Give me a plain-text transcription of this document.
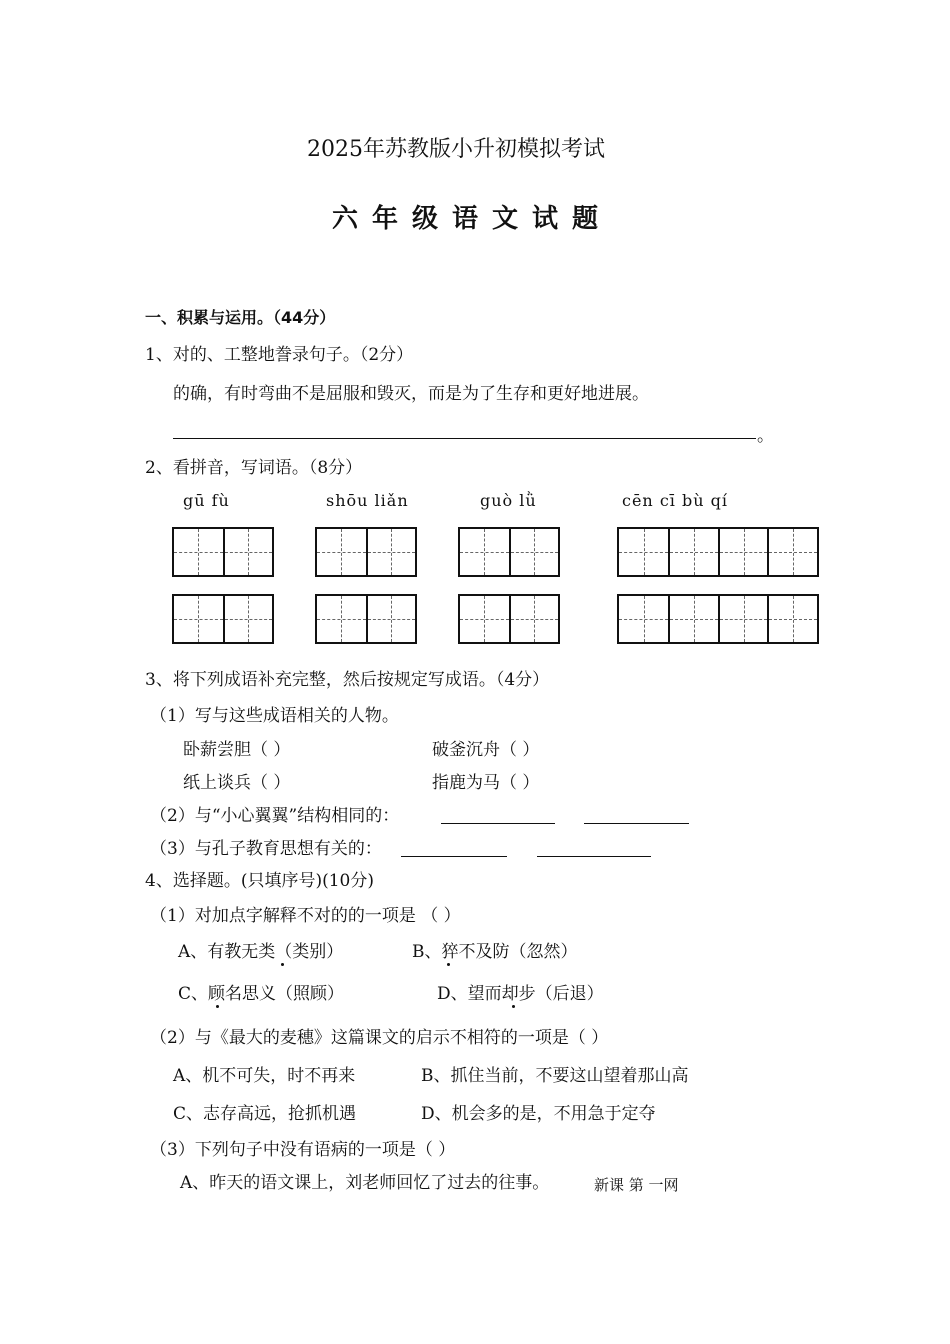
2025年苏教版小升初模拟考试
六年级语文试题
一、积累与运用。（44分）
1、对的、工整地誊录句子。（2分）
的确，有时弯曲不是屈服和毁灭，而是为了生存和更好地进展。
。
2、看拼音，写词语。（8分）
gū fù	shōu liǎn	guò lǜ	cēn cī bù qí
3、将下列成语补充完整，然后按规定写成语。（4分）
（1）写与这些成语相关的人物。
卧薪尝胆（ ）	破釜沉舟（ ）
纸上谈兵（ ）	指鹿为马（ ）
（2）与“小心翼翼”结构相同的：
（3）与孔子教育思想有关的：
4、选择题。(只填序号)(10分)
（1）对加点字解释不对的的一项是 （ ）
A、有教无类（类别）	B、猝不及防（忽然）
C、顾名思义（照顾）	D、望而却步（后退）
（2）与《最大的麦穗》这篇课文的启示不相符的一项是（ ）
A、机不可失，时不再来	B、抓住当前，不要这山望着那山高
C、志存高远，抢抓机遇	D、机会多的是，不用急于定夺
（3）下列句子中没有语病的一项是（ ）
A、昨天的语文课上，刘老师回忆了过去的往事。	新课 第 一网
